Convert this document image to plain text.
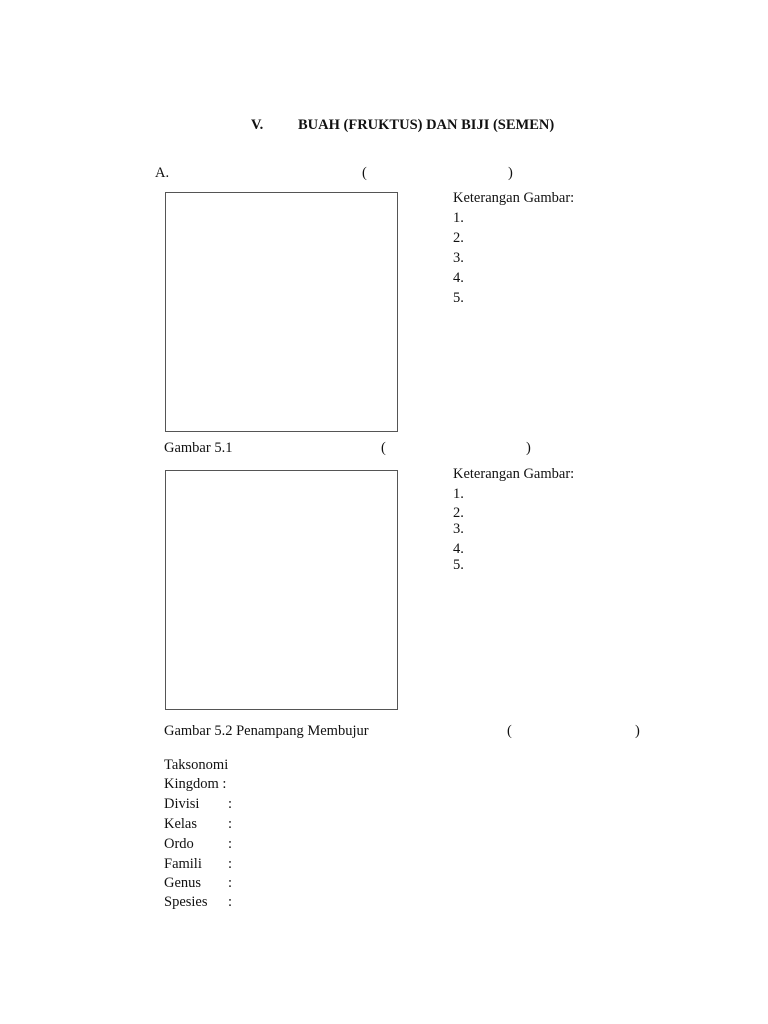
V. BUAH (FRUKTUS) DAN BIJI (SEMEN)
A.	(	)
Keterangan Gambar:
1.
2.
3.
4.
5.
Gambar 5.1	(	)
Keterangan Gambar:
1.
2.
3.
4.
5.
Gambar 5.2 Penampang Membujur	(	)
Taksonomi
Kingdom :
Divisi :
Kelas :
Ordo :
Famili :
Genus :
Spesies :
